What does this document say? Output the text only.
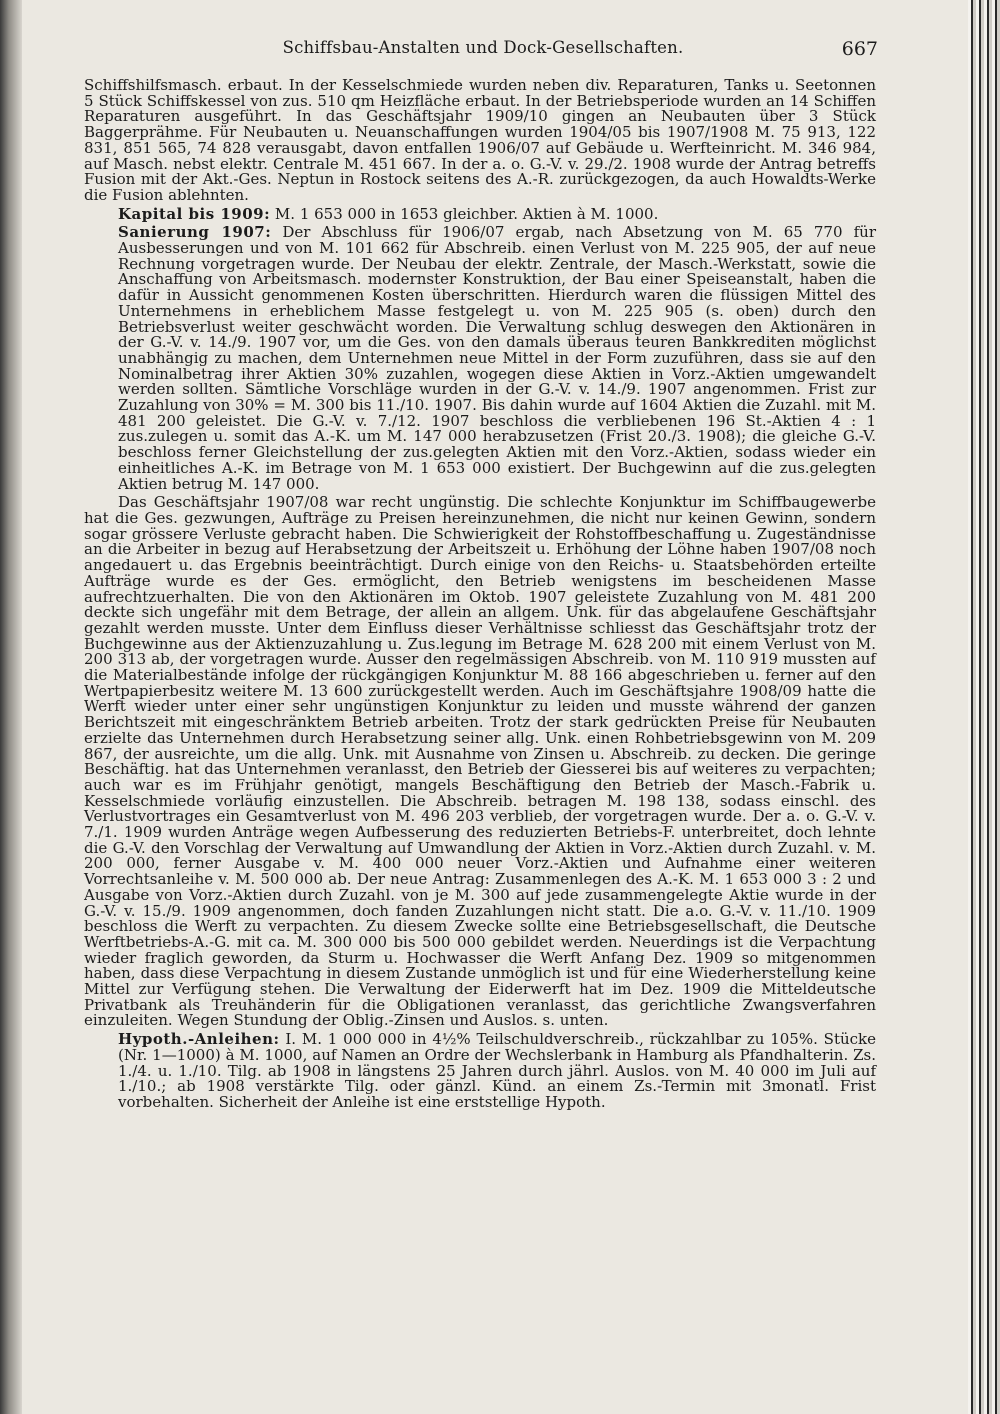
Schiffsbau-Anstalten und Dock-Gesellschaften.	667

Schiffshilfsmasch. erbaut. In der Kesselschmiede wurden neben div. Reparaturen, Tanks u. Seetonnen 5 Stück Schiffskessel von zus. 510 qm Heizfläche erbaut. In der Betriebsperiode wurden an 14 Schiffen Reparaturen ausgeführt. In das Geschäftsjahr 1909/10 gingen an Neubauten über 3 Stück Baggerprähme. Für Neubauten u. Neuanschaffungen wurden 1904/05 bis 1907/1908 M. 75 913, 122 831, 851 565, 74 828 verausgabt, davon entfallen 1906/07 auf Gebäude u. Werfteinricht. M. 346 984, auf Masch. nebst elektr. Centrale M. 451 667. In der a. o. G.-V. v. 29./2. 1908 wurde der Antrag betreffs Fusion mit der Akt.-Ges. Neptun in Rostock seitens des A.-R. zurückgezogen, da auch Howaldts-Werke die Fusion ablehnten.

Kapital bis 1909: M. 1 653 000 in 1653 gleichber. Aktien à M. 1000.

Sanierung 1907: Der Abschluss für 1906/07 ergab, nach Absetzung von M. 65 770 für Ausbesserungen und von M. 101 662 für Abschreib. einen Verlust von M. 225 905, der auf neue Rechnung vorgetragen wurde. Der Neubau der elektr. Zentrale, der Masch.-Werkstatt, sowie die Anschaffung von Arbeitsmasch. modernster Konstruktion, der Bau einer Speiseanstalt, haben die dafür in Aussicht genommenen Kosten überschritten. Hierdurch waren die flüssigen Mittel des Unternehmens in erheblichem Masse festgelegt u. von M. 225 905 (s. oben) durch den Betriebsverlust weiter geschwächt worden. Die Verwaltung schlug deswegen den Aktionären in der G.-V. v. 14./9. 1907 vor, um die Ges. von den damals überaus teuren Bankkrediten möglichst unabhängig zu machen, dem Unternehmen neue Mittel in der Form zuzuführen, dass sie auf den Nominalbetrag ihrer Aktien 30% zuzahlen, wogegen diese Aktien in Vorz.-Aktien umgewandelt werden sollten. Sämtliche Vorschläge wurden in der G.-V. v. 14./9. 1907 angenommen. Frist zur Zuzahlung von 30% = M. 300 bis 11./10. 1907. Bis dahin wurde auf 1604 Aktien die Zuzahl. mit M. 481 200 geleistet. Die G.-V. v. 7./12. 1907 beschloss die verbliebenen 196 St.-Aktien 4 : 1 zus.zulegen u. somit das A.-K. um M. 147 000 herabzusetzen (Frist 20./3. 1908); die gleiche G.-V. beschloss ferner Gleichstellung der zus.gelegten Aktien mit den Vorz.-Aktien, sodass wieder ein einheitliches A.-K. im Betrage von M. 1 653 000 existiert. Der Buchgewinn auf die zus.gelegten Aktien betrug M. 147 000.

Das Geschäftsjahr 1907/08 war recht ungünstig. Die schlechte Konjunktur im Schiffbaugewerbe hat die Ges. gezwungen, Aufträge zu Preisen hereinzunehmen, die nicht nur keinen Gewinn, sondern sogar grössere Verluste gebracht haben. Die Schwierigkeit der Rohstoffbeschaffung u. Zugeständnisse an die Arbeiter in bezug auf Herabsetzung der Arbeitszeit u. Erhöhung der Löhne haben 1907/08 noch angedauert u. das Ergebnis beeinträchtigt. Durch einige von den Reichs- u. Staatsbehörden erteilte Aufträge wurde es der Ges. ermöglicht, den Betrieb wenigstens im bescheidenen Masse aufrechtzuerhalten. Die von den Aktionären im Oktob. 1907 geleistete Zuzahlung von M. 481 200 deckte sich ungefähr mit dem Betrage, der allein an allgem. Unk. für das abgelaufene Geschäftsjahr gezahlt werden musste. Unter dem Einfluss dieser Verhältnisse schliesst das Geschäftsjahr trotz der Buchgewinne aus der Aktienzuzahlung u. Zus.legung im Betrage M. 628 200 mit einem Verlust von M. 200 313 ab, der vorgetragen wurde. Ausser den regelmässigen Abschreib. von M. 110 919 mussten auf die Materialbestände infolge der rückgängigen Konjunktur M. 88 166 abgeschrieben u. ferner auf den Wertpapierbesitz weitere M. 13 600 zurückgestellt werden. Auch im Geschäftsjahre 1908/09 hatte die Werft wieder unter einer sehr ungünstigen Konjunktur zu leiden und musste während der ganzen Berichtszeit mit eingeschränktem Betrieb arbeiten. Trotz der stark gedrückten Preise für Neubauten erzielte das Unternehmen durch Herabsetzung seiner allg. Unk. einen Rohbetriebsgewinn von M. 209 867, der ausreichte, um die allg. Unk. mit Ausnahme von Zinsen u. Abschreib. zu decken. Die geringe Beschäftig. hat das Unternehmen veranlasst, den Betrieb der Giesserei bis auf weiteres zu verpachten; auch war es im Frühjahr genötigt, mangels Beschäftigung den Betrieb der Masch.-Fabrik u. Kesselschmiede vorläufig einzustellen. Die Abschreib. betragen M. 198 138, sodass einschl. des Verlustvortrages ein Gesamtverlust von M. 496 203 verblieb, der vorgetragen wurde. Der a. o. G.-V. v. 7./1. 1909 wurden Anträge wegen Aufbesserung des reduzierten Betriebs-F. unterbreitet, doch lehnte die G.-V. den Vorschlag der Verwaltung auf Umwandlung der Aktien in Vorz.-Aktien durch Zuzahl. v. M. 200 000, ferner Ausgabe v. M. 400 000 neuer Vorz.-Aktien und Aufnahme einer weiteren Vorrechtsanleihe v. M. 500 000 ab. Der neue Antrag: Zusammenlegen des A.-K. M. 1 653 000 3 : 2 und Ausgabe von Vorz.-Aktien durch Zuzahl. von je M. 300 auf jede zusammengelegte Aktie wurde in der G.-V. v. 15./9. 1909 angenommen, doch fanden Zuzahlungen nicht statt. Die a.o. G.-V. v. 11./10. 1909 beschloss die Werft zu verpachten. Zu diesem Zwecke sollte eine Betriebsgesellschaft, die Deutsche Werftbetriebs-A.-G. mit ca. M. 300 000 bis 500 000 gebildet werden. Neuerdings ist die Verpachtung wieder fraglich geworden, da Sturm u. Hochwasser die Werft Anfang Dez. 1909 so mitgenommen haben, dass diese Verpachtung in diesem Zustande unmöglich ist und für eine Wiederherstellung keine Mittel zur Verfügung stehen. Die Verwaltung der Eiderwerft hat im Dez. 1909 die Mitteldeutsche Privatbank als Treuhänderin für die Obligationen veranlasst, das gerichtliche Zwangsverfahren einzuleiten. Wegen Stundung der Oblig.-Zinsen und Auslos. s. unten.

Hypoth.-Anleihen: I. M. 1 000 000 in 4½% Teilschuldverschreib., rückzahlbar zu 105%. Stücke (Nr. 1—1000) à M. 1000, auf Namen an Ordre der Wechslerbank in Hamburg als Pfandhalterin. Zs. 1./4. u. 1./10. Tilg. ab 1908 in längstens 25 Jahren durch jährl. Auslos. von M. 40 000 im Juli auf 1./10.; ab 1908 verstärkte Tilg. oder gänzl. Künd. an einem Zs.-Termin mit 3monatl. Frist vorbehalten. Sicherheit der Anleihe ist eine erststellige Hypoth.
